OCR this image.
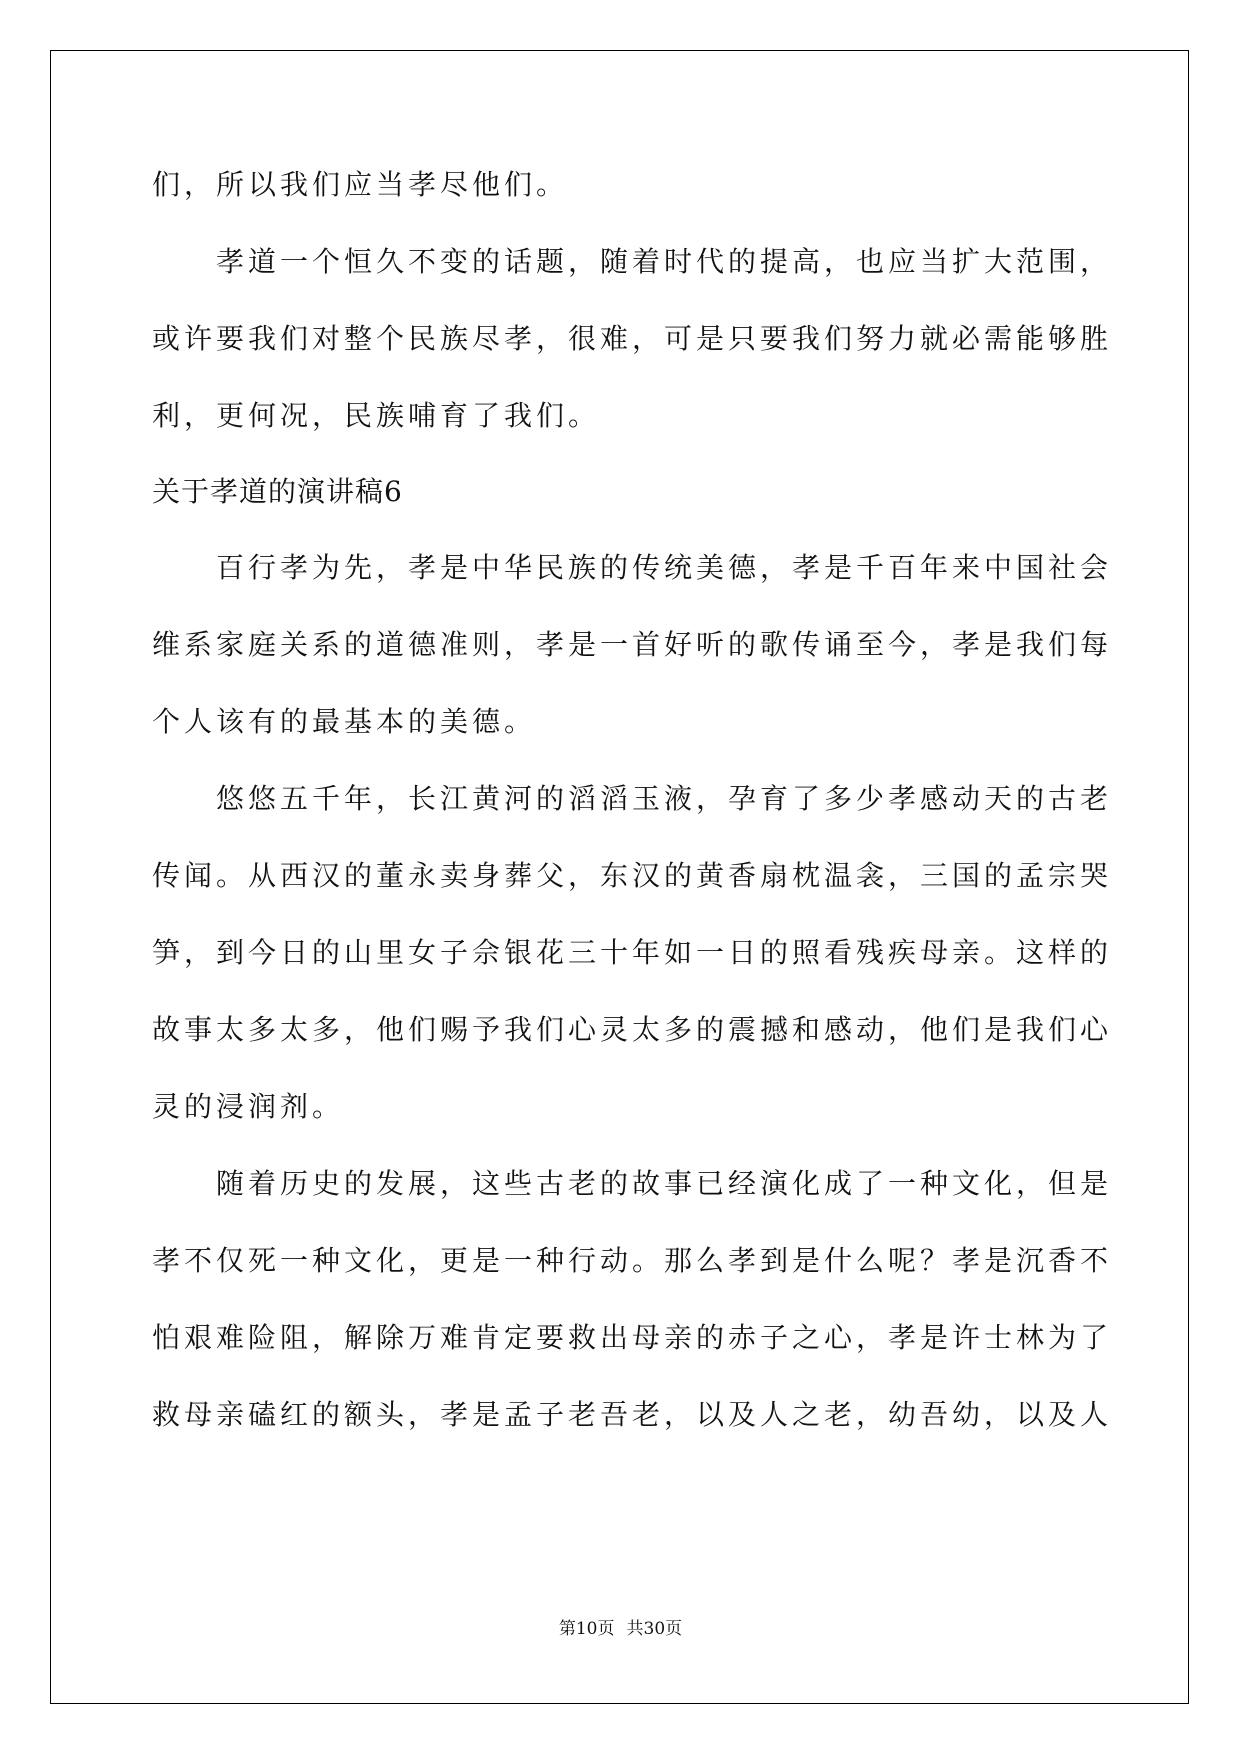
们，所以我们应当孝尽他们。
　　孝道一个恒久不变的话题，随着时代的提高，也应当扩大范围，
或许要我们对整个民族尽孝，很难，可是只要我们努力就必需能够胜
利，更何况，民族哺育了我们。
关于孝道的演讲稿6
　　百行孝为先，孝是中华民族的传统美德，孝是千百年来中国社会
维系家庭关系的道德准则，孝是一首好听的歌传诵至今，孝是我们每
个人该有的最基本的美德。
　　悠悠五千年，长江黄河的滔滔玉液，孕育了多少孝感动天的古老
传闻。从西汉的董永卖身葬父，东汉的黄香扇枕温衾，三国的孟宗哭
笋，到今日的山里女子佘银花三十年如一日的照看残疾母亲。这样的
故事太多太多，他们赐予我们心灵太多的震撼和感动，他们是我们心
灵的浸润剂。
　　随着历史的发展，这些古老的故事已经演化成了一种文化，但是
孝不仅死一种文化，更是一种行动。那么孝到是什么呢？孝是沉香不
怕艰难险阻，解除万难肯定要救出母亲的赤子之心，孝是许士林为了
救母亲磕红的额头，孝是孟子老吾老，以及人之老，幼吾幼，以及人
第10页 共30页
